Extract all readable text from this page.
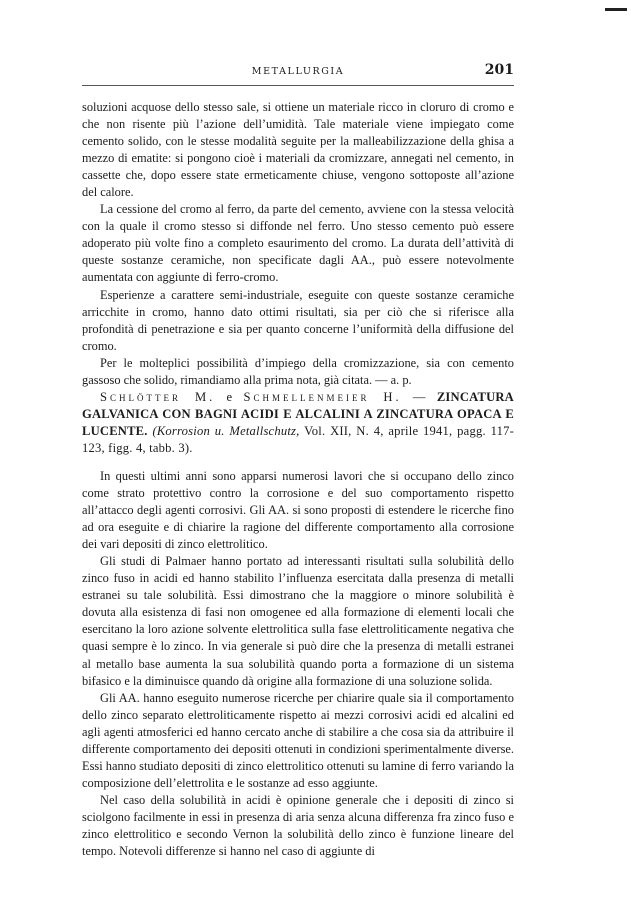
METALLURGIA	201

soluzioni acquose dello stesso sale, si ottiene un materiale ricco in cloruro di cromo e che non risente più l’azione dell’umidità. Tale materiale viene impiegato come cemento solido, con le stesse modalità seguite per la malleabilizzazione della ghisa a mezzo di ematite: si pongono cioè i materiali da cromizzare, annegati nel cemento, in cassette che, dopo essere state ermeticamente chiuse, vengono sottoposte all’azione del calore.

La cessione del cromo al ferro, da parte del cemento, avviene con la stessa velocità con la quale il cromo stesso si diffonde nel ferro. Uno stesso cemento può essere adoperato più volte fino a completo esaurimento del cromo. La durata dell’attività di queste sostanze ceramiche, non specificate dagli AA., può essere notevolmente aumentata con aggiunte di ferro-cromo.

Esperienze a carattere semi-industriale, eseguite con queste sostanze ceramiche arricchite in cromo, hanno dato ottimi risultati, sia per ciò che si riferisce alla profondità di penetrazione e sia per quanto concerne l’uniformità della diffusione del cromo.

Per le molteplici possibilità d’impiego della cromizzazione, sia con cemento gassoso che solido, rimandiamo alla prima nota, già citata. — a. p.

Schlötter M. e Schmellenmeier H. — ZINCATURA GALVANICA CON BAGNI ACIDI E ALCALINI A ZINCATURA OPACA E LUCENTE. (Korrosion u. Metallschutz, Vol. XII, N. 4, aprile 1941, pagg. 117-123, figg. 4, tabb. 3).

In questi ultimi anni sono apparsi numerosi lavori che si occupano dello zinco come strato protettivo contro la corrosione e del suo comportamento rispetto all’attacco degli agenti corrosivi. Gli AA. si sono proposti di estendere le ricerche fino ad ora eseguite e di chiarire la ragione del differente comportamento alla corrosione dei vari depositi di zinco elettrolitico.

Gli studi di Palmaer hanno portato ad interessanti risultati sulla solubilità dello zinco fuso in acidi ed hanno stabilito l’influenza esercitata dalla presenza di metalli estranei su tale solubilità. Essi dimostrano che la maggiore o minore solubilità è dovuta alla esistenza di fasi non omogenee ed alla formazione di elementi locali che esercitano la loro azione solvente elettrolitica sulla fase elettroliticamente negativa che quasi sempre è lo zinco. In via generale si può dire che la presenza di metalli estranei al metallo base aumenta la sua solubilità quando porta a formazione di un sistema bifasico e la diminuisce quando dà origine alla formazione di una soluzione solida.

Gli AA. hanno eseguito numerose ricerche per chiarire quale sia il comportamento dello zinco separato elettroliticamente rispetto ai mezzi corrosivi acidi ed alcalini ed agli agenti atmosferici ed hanno cercato anche di stabilire a che cosa sia da attribuire il differente comportamento dei depositi ottenuti in condizioni sperimentalmente diverse. Essi hanno studiato depositi di zinco elettrolitico ottenuti su lamine di ferro variando la composizione dell’elettrolita e le sostanze ad esso aggiunte.

Nel caso della solubilità in acidi è opinione generale che i depositi di zinco si sciolgono facilmente in essi in presenza di aria senza alcuna differenza fra zinco fuso e zinco elettrolitico e secondo Vernon la solubilità dello zinco è funzione lineare del tempo. Notevoli differenze si hanno nel caso di aggiunte di
